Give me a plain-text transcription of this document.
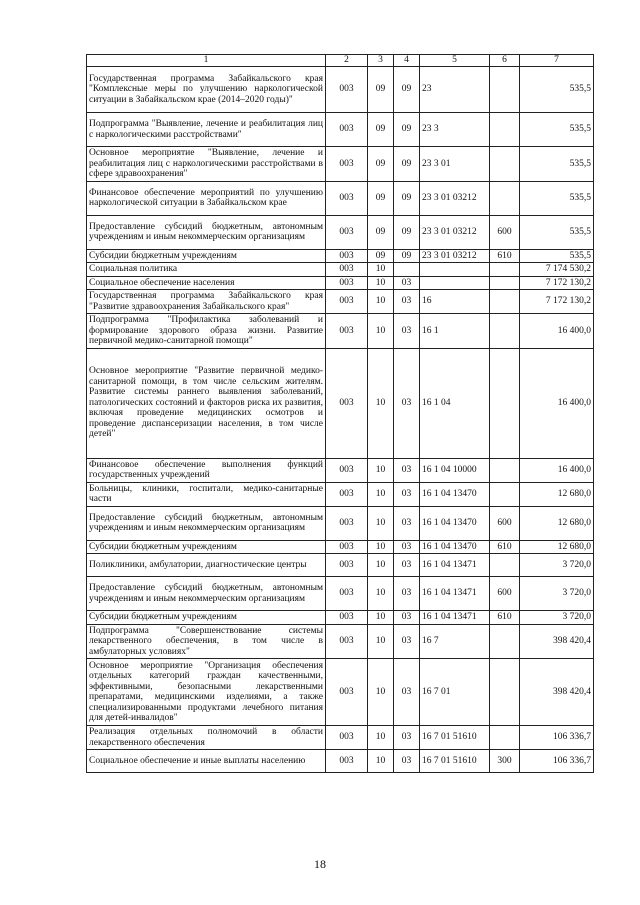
1	2	3	4	5	6	7
Государственная программа Забайкальского края "Комплексные меры по улучшению наркологической ситуации в Забайкальском крае (2014–2020 годы)"	003	09	09	23		535,5
Подпрограмма "Выявление, лечение и реабилитация лиц с наркологическими расстройствами"	003	09	09	23 3		535,5
Основное мероприятие "Выявление, лечение и реабилитация лиц с наркологическими расстройствами в сфере здравоохранения"	003	09	09	23 3 01		535,5
Финансовое обеспечение мероприятий по улучшению наркологической ситуации в Забайкальском крае	003	09	09	23 3 01 03212		535,5
Предоставление субсидий бюджетным, автономным учреждениям и иным некоммерческим организациям	003	09	09	23 3 01 03212	600	535,5
Субсидии бюджетным учреждениям	003	09	09	23 3 01 03212	610	535,5
Социальная политика	003	10				7 174 530,2
Социальное обеспечение населения	003	10	03			7 172 130,2
Государственная программа Забайкальского края "Развитие здравоохранения Забайкальского края"	003	10	03	16		7 172 130,2
Подпрограмма "Профилактика заболеваний и формирование здорового образа жизни. Развитие первичной медико-санитарной помощи"	003	10	03	16 1		16 400,0
Основное мероприятие "Развитие первичной медико-санитарной помощи, в том числе сельским жителям. Развитие системы раннего выявления заболеваний, патологических состояний и факторов риска их развития, включая проведение медицинских осмотров и проведение диспансеризации населения, в том числе детей"	003	10	03	16 1 04		16 400,0
Финансовое обеспечение выполнения функций государственных учреждений	003	10	03	16 1 04 10000		16 400,0
Больницы, клиники, госпитали, медико-санитарные части	003	10	03	16 1 04 13470		12 680,0
Предоставление субсидий бюджетным, автономным учреждениям и иным некоммерческим организациям	003	10	03	16 1 04 13470	600	12 680,0
Субсидии бюджетным учреждениям	003	10	03	16 1 04 13470	610	12 680,0
Поликлиники, амбулатории, диагностические центры	003	10	03	16 1 04 13471		3 720,0
Предоставление субсидий бюджетным, автономным учреждениям и иным некоммерческим организациям	003	10	03	16 1 04 13471	600	3 720,0
Субсидии бюджетным учреждениям	003	10	03	16 1 04 13471	610	3 720,0
Подпрограмма "Совершенствование системы лекарственного обеспечения, в том числе в амбулаторных условиях"	003	10	03	16 7		398 420,4
Основное мероприятие "Организация обеспечения отдельных категорий граждан качественными, эффективными, безопасными лекарственными препаратами, медицинскими изделиями, а также специализированными продуктами лечебного питания для детей-инвалидов"	003	10	03	16 7 01		398 420,4
Реализация отдельных полномочий в области лекарственного обеспечения	003	10	03	16 7 01 51610		106 336,7
Социальное обеспечение и иные выплаты населению	003	10	03	16 7 01 51610	300	106 336,7
18
